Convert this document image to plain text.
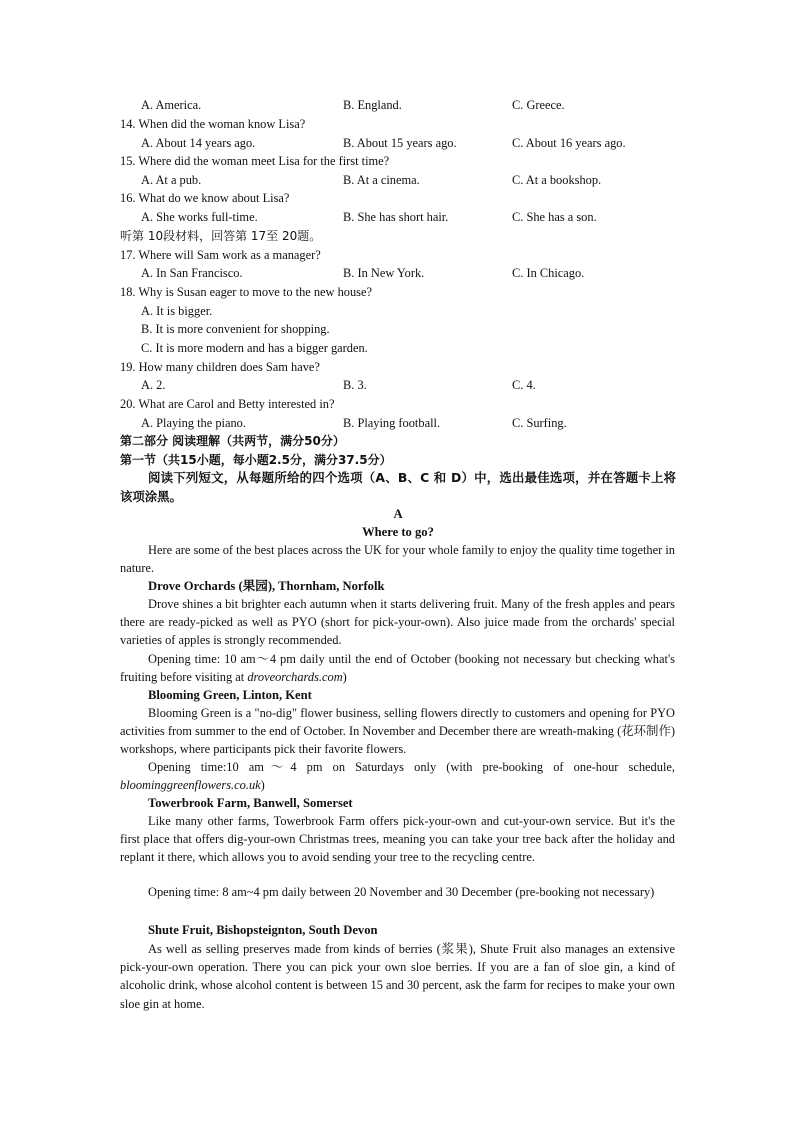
A. America.	B. England.	C. Greece.
14. When did the woman know Lisa?
A. About 14 years ago.	B. About 15 years ago.	C. About 16 years ago.
15. Where did the woman meet Lisa for the first time?
A. At a pub.	B. At a cinema.	C. At a bookshop.
16. What do we know about Lisa?
A. She works full-time.	B. She has short hair.	C. She has a son.
听第 10段材料，回答第 17至 20题。
17. Where will Sam work as a manager?
A. In San Francisco.	B. In New York.	C. In Chicago.
18. Why is Susan eager to move to the new house?
A. It is bigger.
B. It is more convenient for shopping.
C. It is more modern and has a bigger garden.
19. How many children does Sam have?
A. 2.	B. 3.	C. 4.
20. What are Carol and Betty interested in?
A. Playing the piano.	B. Playing football.	C. Surfing.
第二部分 阅读理解（共两节，满分50分）
第一节（共15小题，每小题2.5分，满分37.5分）
阅读下列短文，从每题所给的四个选项（A、B、C 和 D）中，选出最佳选项，并在答题卡上将该项涂黑。
A
Where to go?
Here are some of the best places across the UK for your whole family to enjoy the quality time together in nature.
Drove Orchards (果园), Thornham, Norfolk
Drove shines a bit brighter each autumn when it starts delivering fruit. Many of the fresh apples and pears there are ready-picked as well as PYO (short for pick-your-own). Also juice made from the orchards' special varieties of apples is strongly recommended.
Opening time: 10 am～4 pm daily until the end of October (booking not necessary but checking what's fruiting before visiting at droveorchards.com)
Blooming Green, Linton, Kent
Blooming Green is a "no-dig" flower business, selling flowers directly to customers and opening for PYO activities from summer to the end of October. In November and December there are wreath-making (花环制作) workshops, where participants pick their favorite flowers.
Opening time:10 am～4 pm on Saturdays only (with pre-booking of one-hour schedule, bloominggreenflowers.co.uk)
Towerbrook Farm, Banwell, Somerset
Like many other farms, Towerbrook Farm offers pick-your-own and cut-your-own service. But it's the first place that offers dig-your-own Christmas trees, meaning you can take your tree back after the holiday and replant it there, which allows you to avoid sending your tree to the recycling centre.
Opening time: 8 am~4 pm daily between 20 November and 30 December (pre-booking not necessary)
Shute Fruit, Bishopsteignton, South Devon
As well as selling preserves made from kinds of berries (浆果), Shute Fruit also manages an extensive pick-your-own operation. There you can pick your own sloe berries. If you are a fan of sloe gin, a kind of alcoholic drink, whose alcohol content is between 15 and 30 percent, ask the farm for recipes to make your own sloe gin at home.
